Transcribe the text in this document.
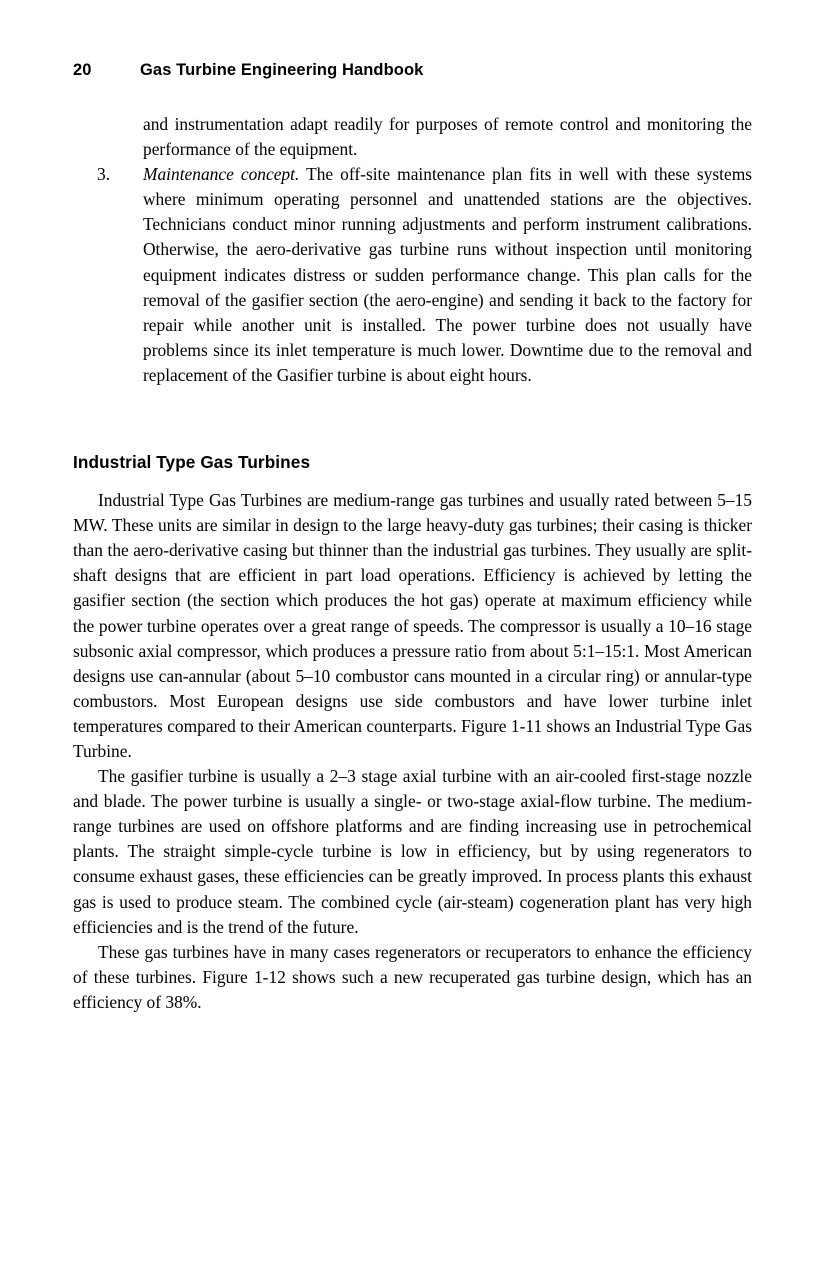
20	Gas Turbine Engineering Handbook
and instrumentation adapt readily for purposes of remote control and monitoring the performance of the equipment.
3.	Maintenance concept. The off-site maintenance plan fits in well with these systems where minimum operating personnel and unattended stations are the objectives. Technicians conduct minor running adjustments and perform instrument calibrations. Otherwise, the aero-derivative gas turbine runs without inspection until monitoring equipment indicates distress or sudden performance change. This plan calls for the removal of the gasifier section (the aero-engine) and sending it back to the factory for repair while another unit is installed. The power turbine does not usually have problems since its inlet temperature is much lower. Downtime due to the removal and replacement of the Gasifier turbine is about eight hours.
Industrial Type Gas Turbines

Industrial Type Gas Turbines are medium-range gas turbines and usually rated between 5–15 MW. These units are similar in design to the large heavy-duty gas turbines; their casing is thicker than the aero-derivative casing but thinner than the industrial gas turbines. They usually are split-shaft designs that are efficient in part load operations. Efficiency is achieved by letting the gasifier section (the section which produces the hot gas) operate at maximum efficiency while the power turbine operates over a great range of speeds. The compressor is usually a 10–16 stage subsonic axial compressor, which produces a pressure ratio from about 5:1–15:1. Most American designs use can-annular (about 5–10 combustor cans mounted in a circular ring) or annular-type combustors. Most European designs use side combustors and have lower turbine inlet temperatures compared to their American counterparts. Figure 1-11 shows an Industrial Type Gas Turbine.

The gasifier turbine is usually a 2–3 stage axial turbine with an air-cooled first-stage nozzle and blade. The power turbine is usually a single- or two-stage axial-flow turbine. The medium-range turbines are used on offshore platforms and are finding increasing use in petrochemical plants. The straight simple-cycle turbine is low in efficiency, but by using regenerators to consume exhaust gases, these efficiencies can be greatly improved. In process plants this exhaust gas is used to produce steam. The combined cycle (air-steam) cogeneration plant has very high efficiencies and is the trend of the future.

These gas turbines have in many cases regenerators or recuperators to enhance the efficiency of these turbines. Figure 1-12 shows such a new recuperated gas turbine design, which has an efficiency of 38%.
